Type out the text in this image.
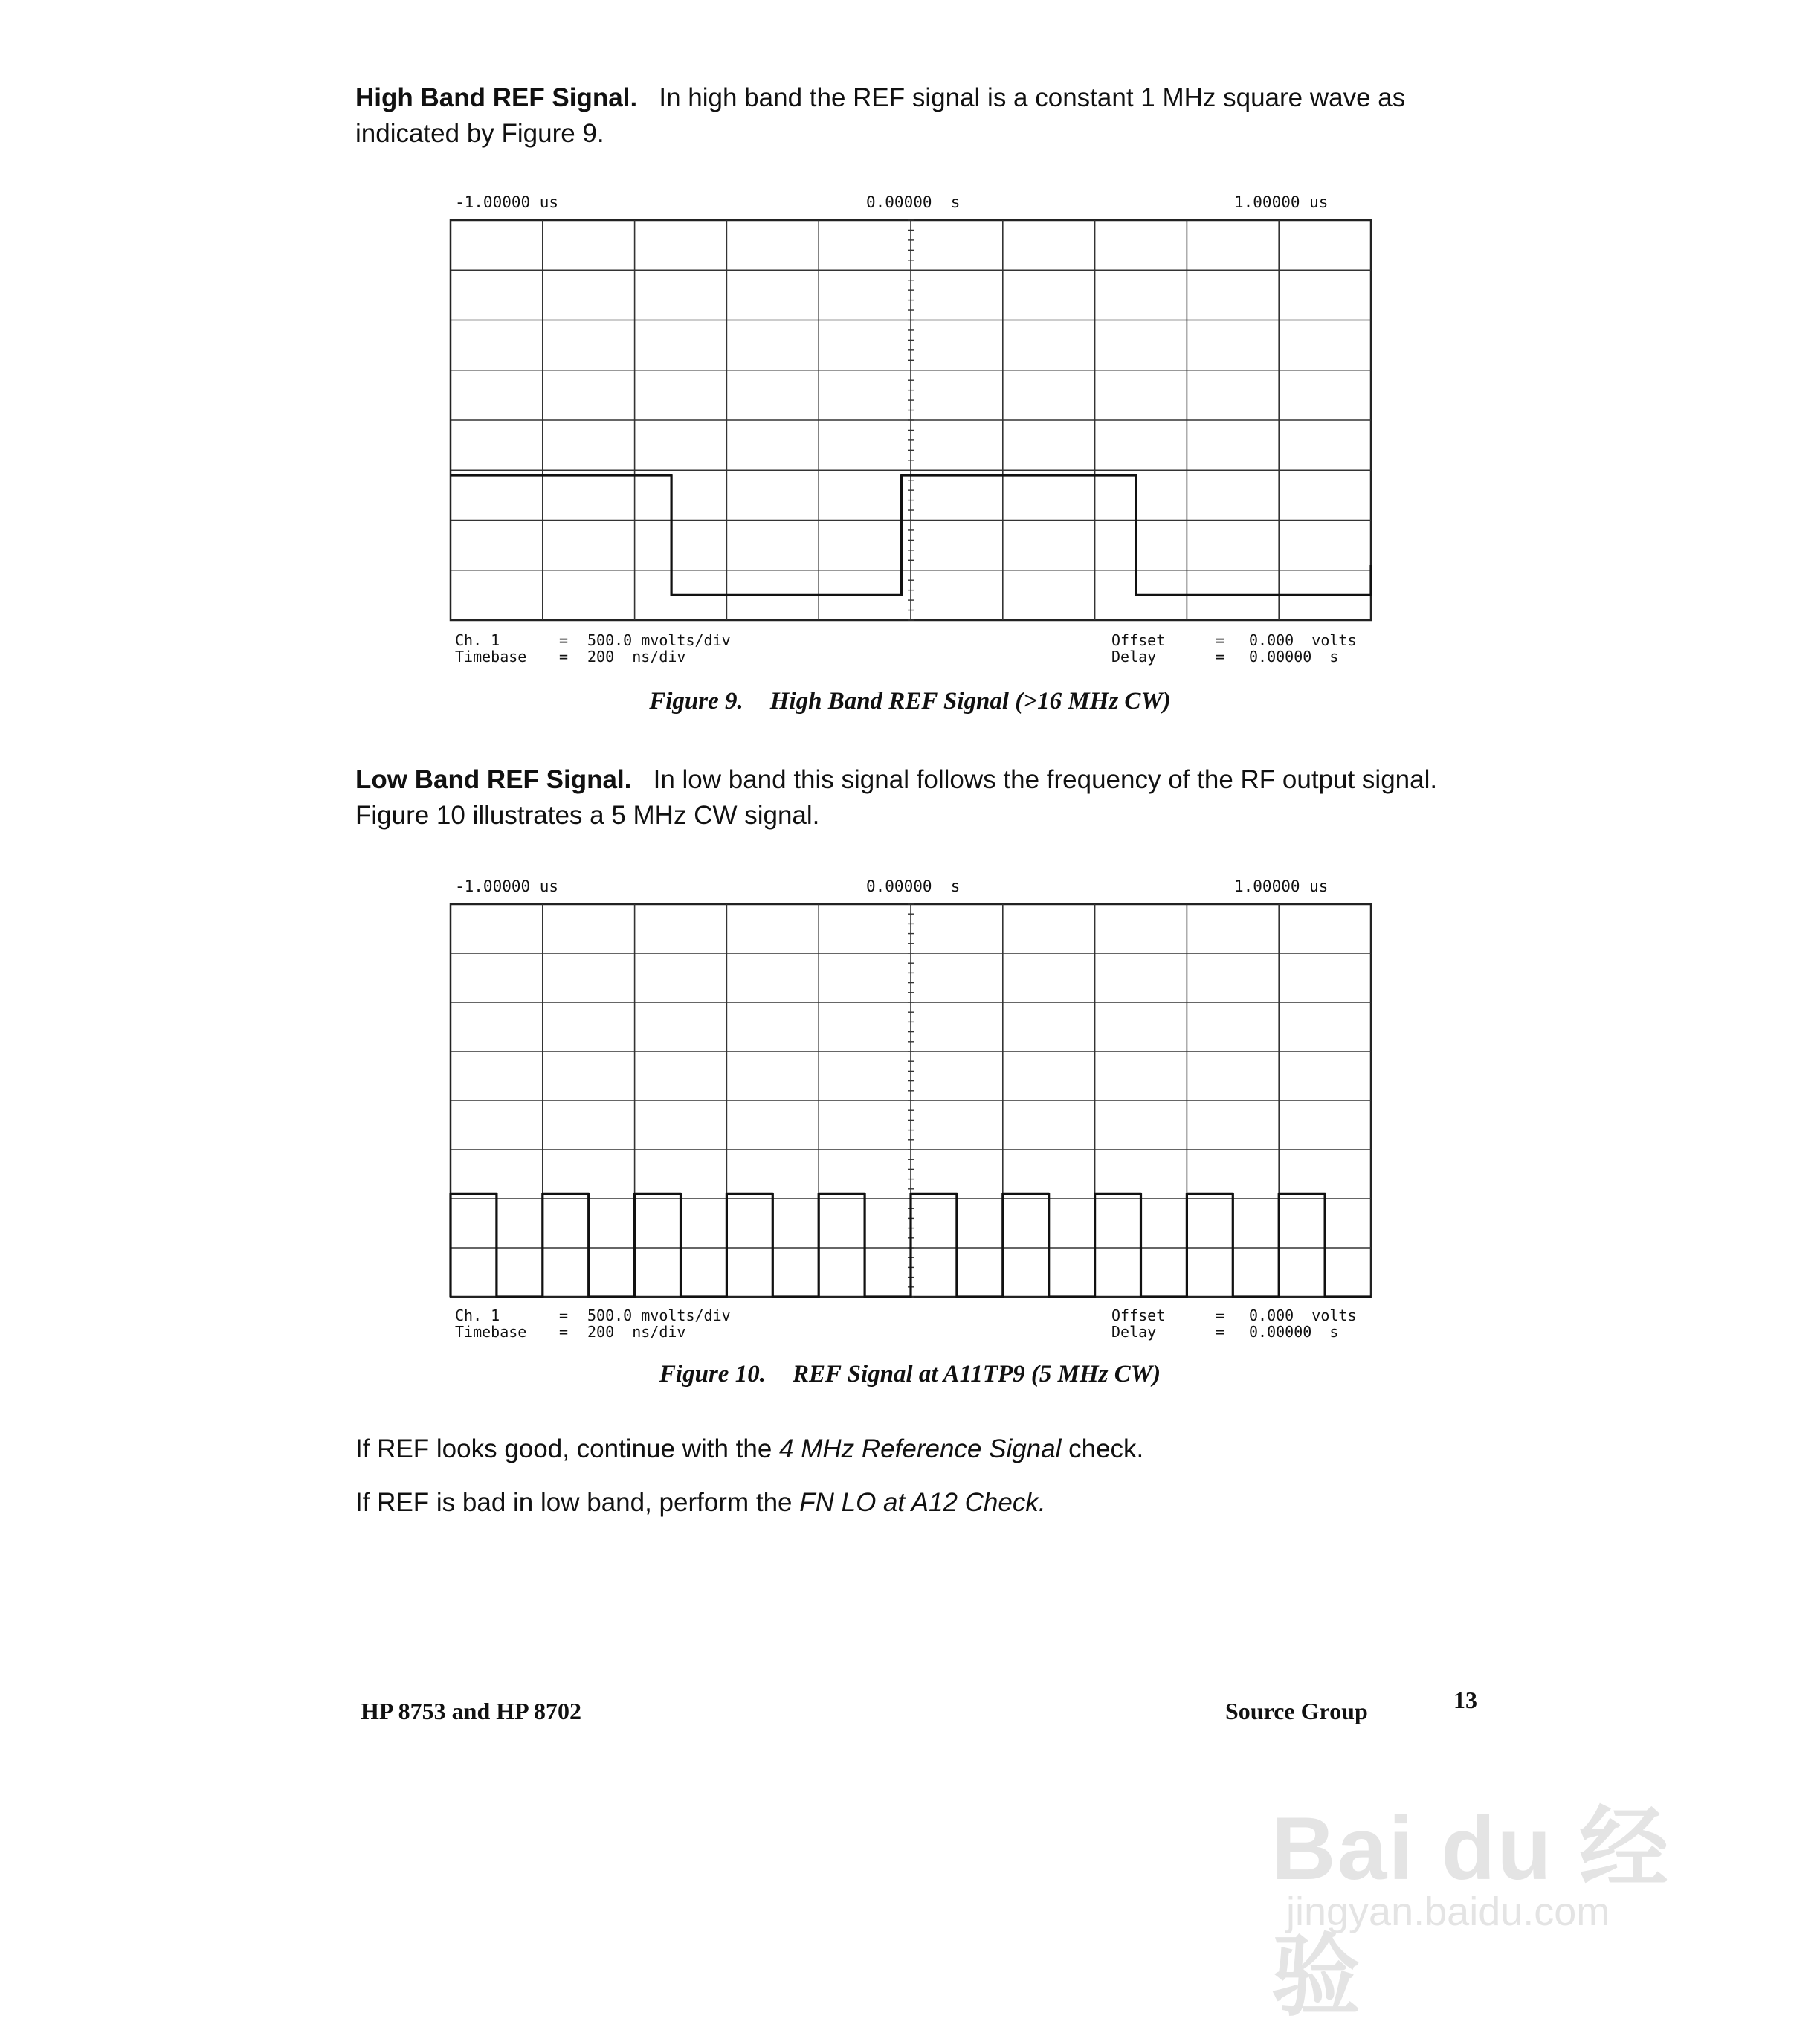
High Band REF Signal. In high band the REF signal is a constant 1 MHz square wave as
indicated by Figure 9.
-1.00000 us	0.00000  s	1.00000 us
Ch. 1	= 500.0 mvolts/div	Offset	= 0.000  volts
Timebase = 200  ns/div	Delay	= 0.00000  s
Figure 9. High Band REF Signal (>16 MHz CW)
Low Band REF Signal. In low band this signal follows the frequency of the RF output signal.
Figure 10 illustrates a 5 MHz CW signal.
-1.00000 us	0.00000  s	1.00000 us
Ch. 1	= 500.0 mvolts/div	Offset	= 0.000  volts
Timebase = 200  ns/div	Delay	= 0.00000  s
Figure 10. REF Signal at A11TP9 (5 MHz CW)
If REF looks good, continue with the 4 MHz Reference Signal check.
If REF is bad in low band, perform the FN LO at A12 Check.
HP 8753 and HP 8702	Source Group	13
Bai du 经验
jingyan.baidu.com
